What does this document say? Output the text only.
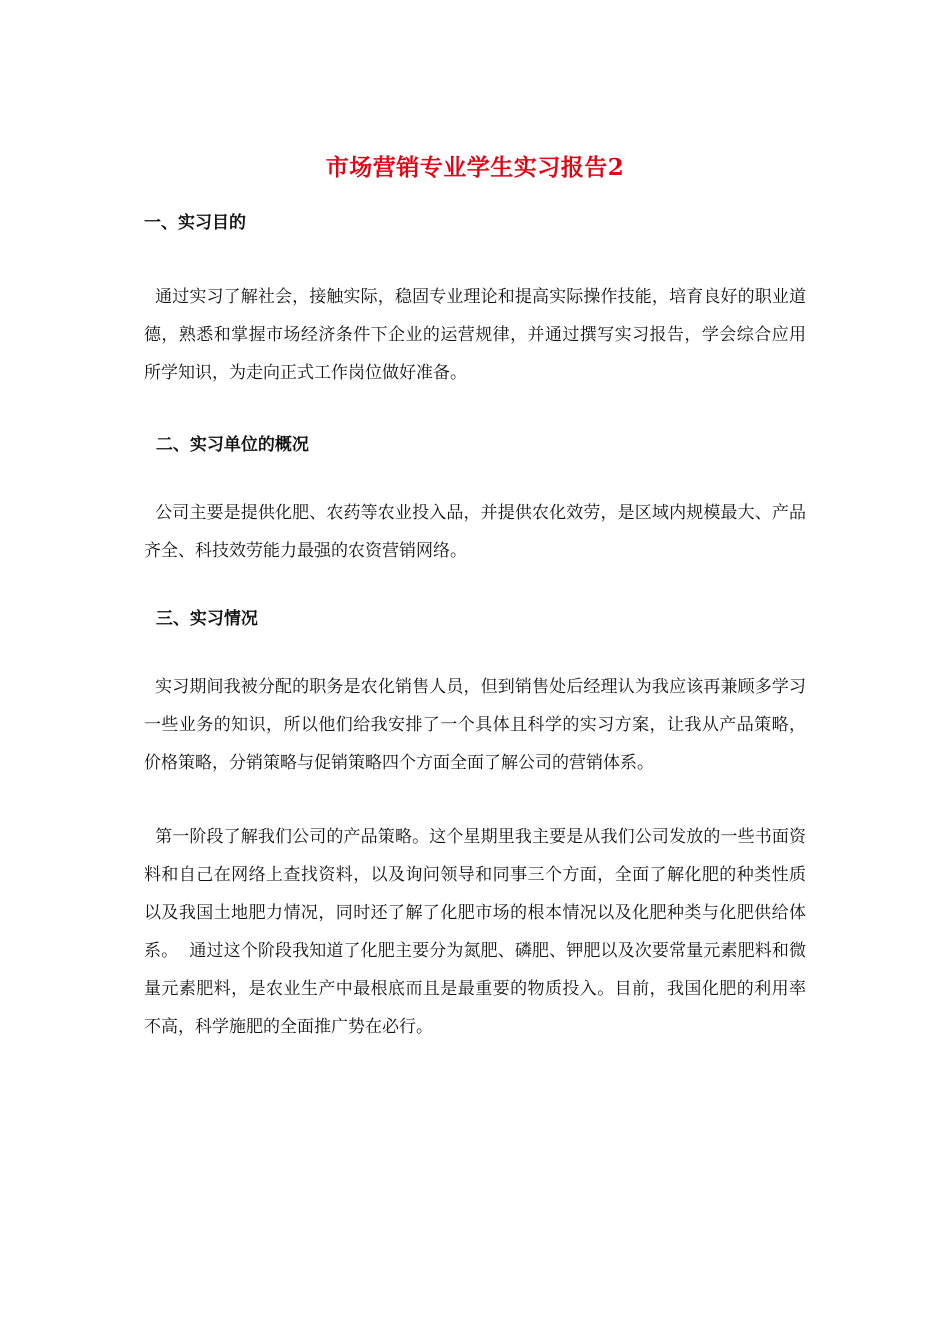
市场营销专业学生实习报告2
一、实习目的

通过实习了解社会，接触实际，稳固专业理论和提高实际操作技能，培育良好的职业道德，熟悉和掌握市场经济条件下企业的运营规律，并通过撰写实习报告，学会综合应用所学知识，为走向正式工作岗位做好准备。

二、实习单位的概况

公司主要是提供化肥、农药等农业投入品，并提供农化效劳，是区域内规模最大、产品齐全、科技效劳能力最强的农资营销网络。

三、实习情况

实习期间我被分配的职务是农化销售人员，但到销售处后经理认为我应该再兼顾多学习一些业务的知识，所以他们给我安排了一个具体且科学的实习方案，让我从产品策略，价格策略，分销策略与促销策略四个方面全面了解公司的营销体系。

第一阶段了解我们公司的产品策略。这个星期里我主要是从我们公司发放的一些书面资料和自己在网络上查找资料，以及询问领导和同事三个方面，全面了解化肥的种类性质以及我国土地肥力情况，同时还了解了化肥市场的根本情况以及化肥种类与化肥供给体系。  通过这个阶段我知道了化肥主要分为氮肥、磷肥、钾肥以及次要常量元素肥料和微量元素肥料，是农业生产中最根底而且是最重要的物质投入。目前，我国化肥的利用率不高，科学施肥的全面推广势在必行。
